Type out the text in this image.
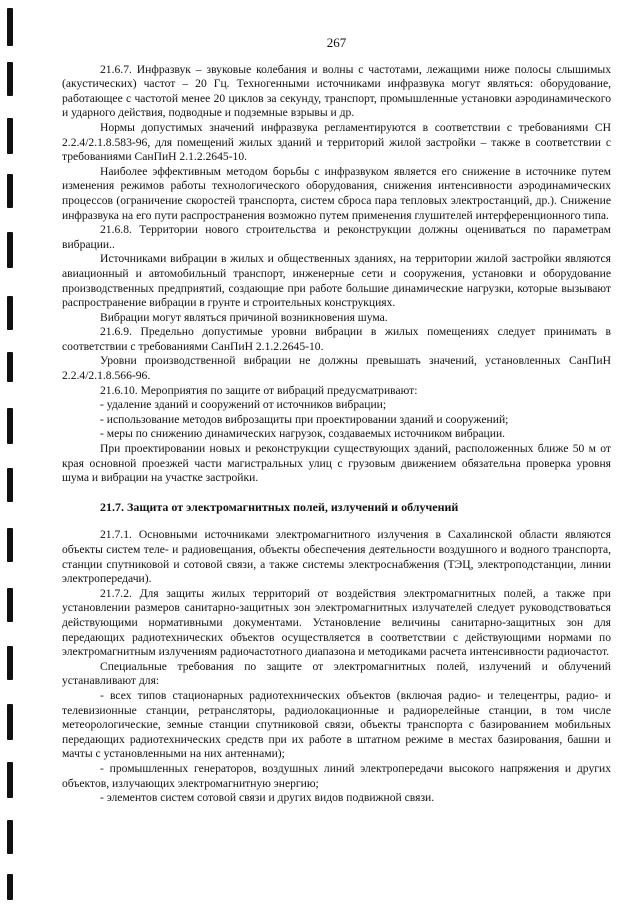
267

21.6.7. Инфразвук – звуковые колебания и волны с частотами, лежащими ниже полосы слышимых (акустических) частот – 20 Гц. Техногенными источниками инфразвука могут являться: оборудование, работающее с частотой менее 20 циклов за секунду, транспорт, промышленные установки аэродинамического и ударного действия, подводные и подземные взрывы и др.

Нормы допустимых значений инфразвука регламентируются в соответствии с требованиями СН 2.2.4/2.1.8.583-96, для помещений жилых зданий и территорий жилой застройки – также в соответствии с требованиями СанПиН 2.1.2.2645-10.

Наиболее эффективным методом борьбы с инфразвуком является его снижение в источнике путем изменения режимов работы технологического оборудования, снижения интенсивности аэродинамических процессов (ограничение скоростей транспорта, систем сброса пара тепловых электростанций, др.). Снижение инфразвука на его пути распространения возможно путем применения глушителей интерференционного типа.

21.6.8. Территории нового строительства и реконструкции должны оцениваться по параметрам вибрации..

Источниками вибрации в жилых и общественных зданиях, на территории жилой застройки являются авиационный и автомобильный транспорт, инженерные сети и сооружения, установки и оборудование производственных предприятий, создающие при работе большие динамические нагрузки, которые вызывают распространение вибрации в грунте и строительных конструкциях.

Вибрации могут являться причиной возникновения шума.

21.6.9. Предельно допустимые уровни вибрации в жилых помещениях следует принимать в соответствии с требованиями СанПиН 2.1.2.2645-10.

Уровни производственной вибрации не должны превышать значений, установленных СанПиН 2.2.4/2.1.8.566-96.

21.6.10. Мероприятия по защите от вибраций предусматривают:

- удаление зданий и сооружений от источников вибрации;

- использование методов виброзащиты при проектировании зданий и сооружений;

- меры по снижению динамических нагрузок, создаваемых источником вибрации.

При проектировании новых и реконструкции существующих зданий, расположенных ближе 50 м от края основной проезжей части магистральных улиц с грузовым движением обязательна проверка уровня шума и вибрации на участке застройки.

21.7. Защита от электромагнитных полей, излучений и облучений

21.7.1. Основными источниками электромагнитного излучения в Сахалинской области являются объекты систем теле- и радиовещания, объекты обеспечения деятельности воздушного и водного транспорта, станции спутниковой и сотовой связи, а также системы электроснабжения (ТЭЦ, электроподстанции, линии электропередачи).

21.7.2. Для защиты жилых территорий от воздействия электромагнитных полей, а также при установлении размеров санитарно-защитных зон электромагнитных излучателей следует руководствоваться действующими нормативными документами. Установление величины санитарно-защитных зон для передающих радиотехнических объектов осуществляется в соответствии с действующими нормами по электромагнитным излучениям радиочастотного диапазона и методиками расчета интенсивности радиочастот.

Специальные требования по защите от электромагнитных полей, излучений и облучений устанавливают для:

- всех типов стационарных радиотехнических объектов (включая радио- и телецентры, радио- и телевизионные станции, ретрансляторы, радиолокационные и радиорелейные станции, в том числе метеорологические, земные станции спутниковой связи, объекты транспорта с базированием мобильных передающих радиотехнических средств при их работе в штатном режиме в местах базирования, башни и мачты с установленными на них антеннами);

- промышленных генераторов, воздушных линий электропередачи высокого напряжения и других объектов, излучающих электромагнитную энергию;

- элементов систем сотовой связи и других видов подвижной связи.
